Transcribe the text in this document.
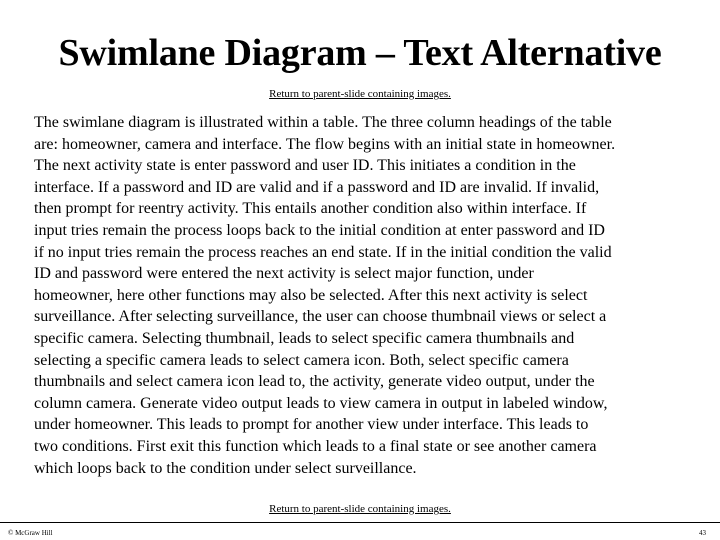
Swimlane Diagram – Text Alternative
Return to parent-slide containing images.
The swimlane diagram is illustrated within a table. The three column headings of the table
are: homeowner, camera and interface. The flow begins with an initial state in homeowner.
The next activity state is enter password and user ID. This initiates a condition in the
interface. If a password and ID are valid and if a password and ID are invalid. If invalid,
then prompt for reentry activity. This entails another condition also within interface. If
input tries remain the process loops back to the initial condition at enter password and ID
if no input tries remain the process reaches an end state. If in the initial condition the valid
ID and password were entered the next activity is select major function, under
homeowner, here other functions may also be selected. After this next activity is select
surveillance. After selecting surveillance, the user can choose thumbnail views or select a
specific camera. Selecting thumbnail, leads to select specific camera thumbnails and
selecting a specific camera leads to select camera icon. Both, select specific camera
thumbnails and select camera icon lead to, the activity, generate video output, under the
column camera. Generate video output leads to view camera in output in labeled window,
under homeowner. This leads to prompt for another view under interface. This leads to
two conditions. First exit this function which leads to a final state or see another camera
which loops back to the condition under select surveillance.
Return to parent-slide containing images.
© McGraw Hill	43
